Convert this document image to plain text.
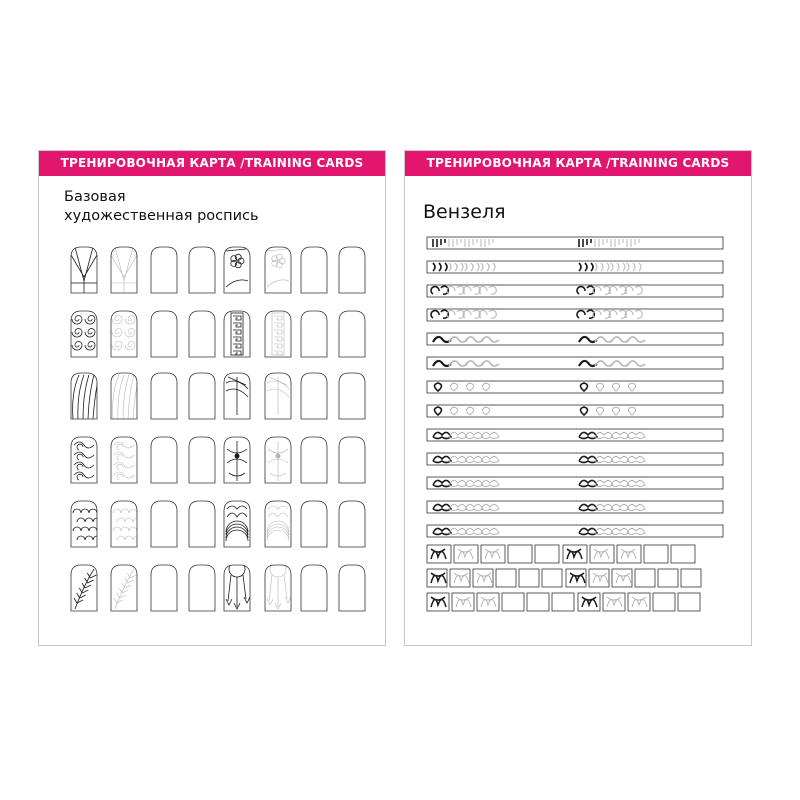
ТРЕНИРОВОЧНАЯ КАРТА /TRAINING CARDS
Базовая
художественная роспись
ТРЕНИРОВОЧНАЯ КАРТА /TRAINING CARDS
Вензеля
